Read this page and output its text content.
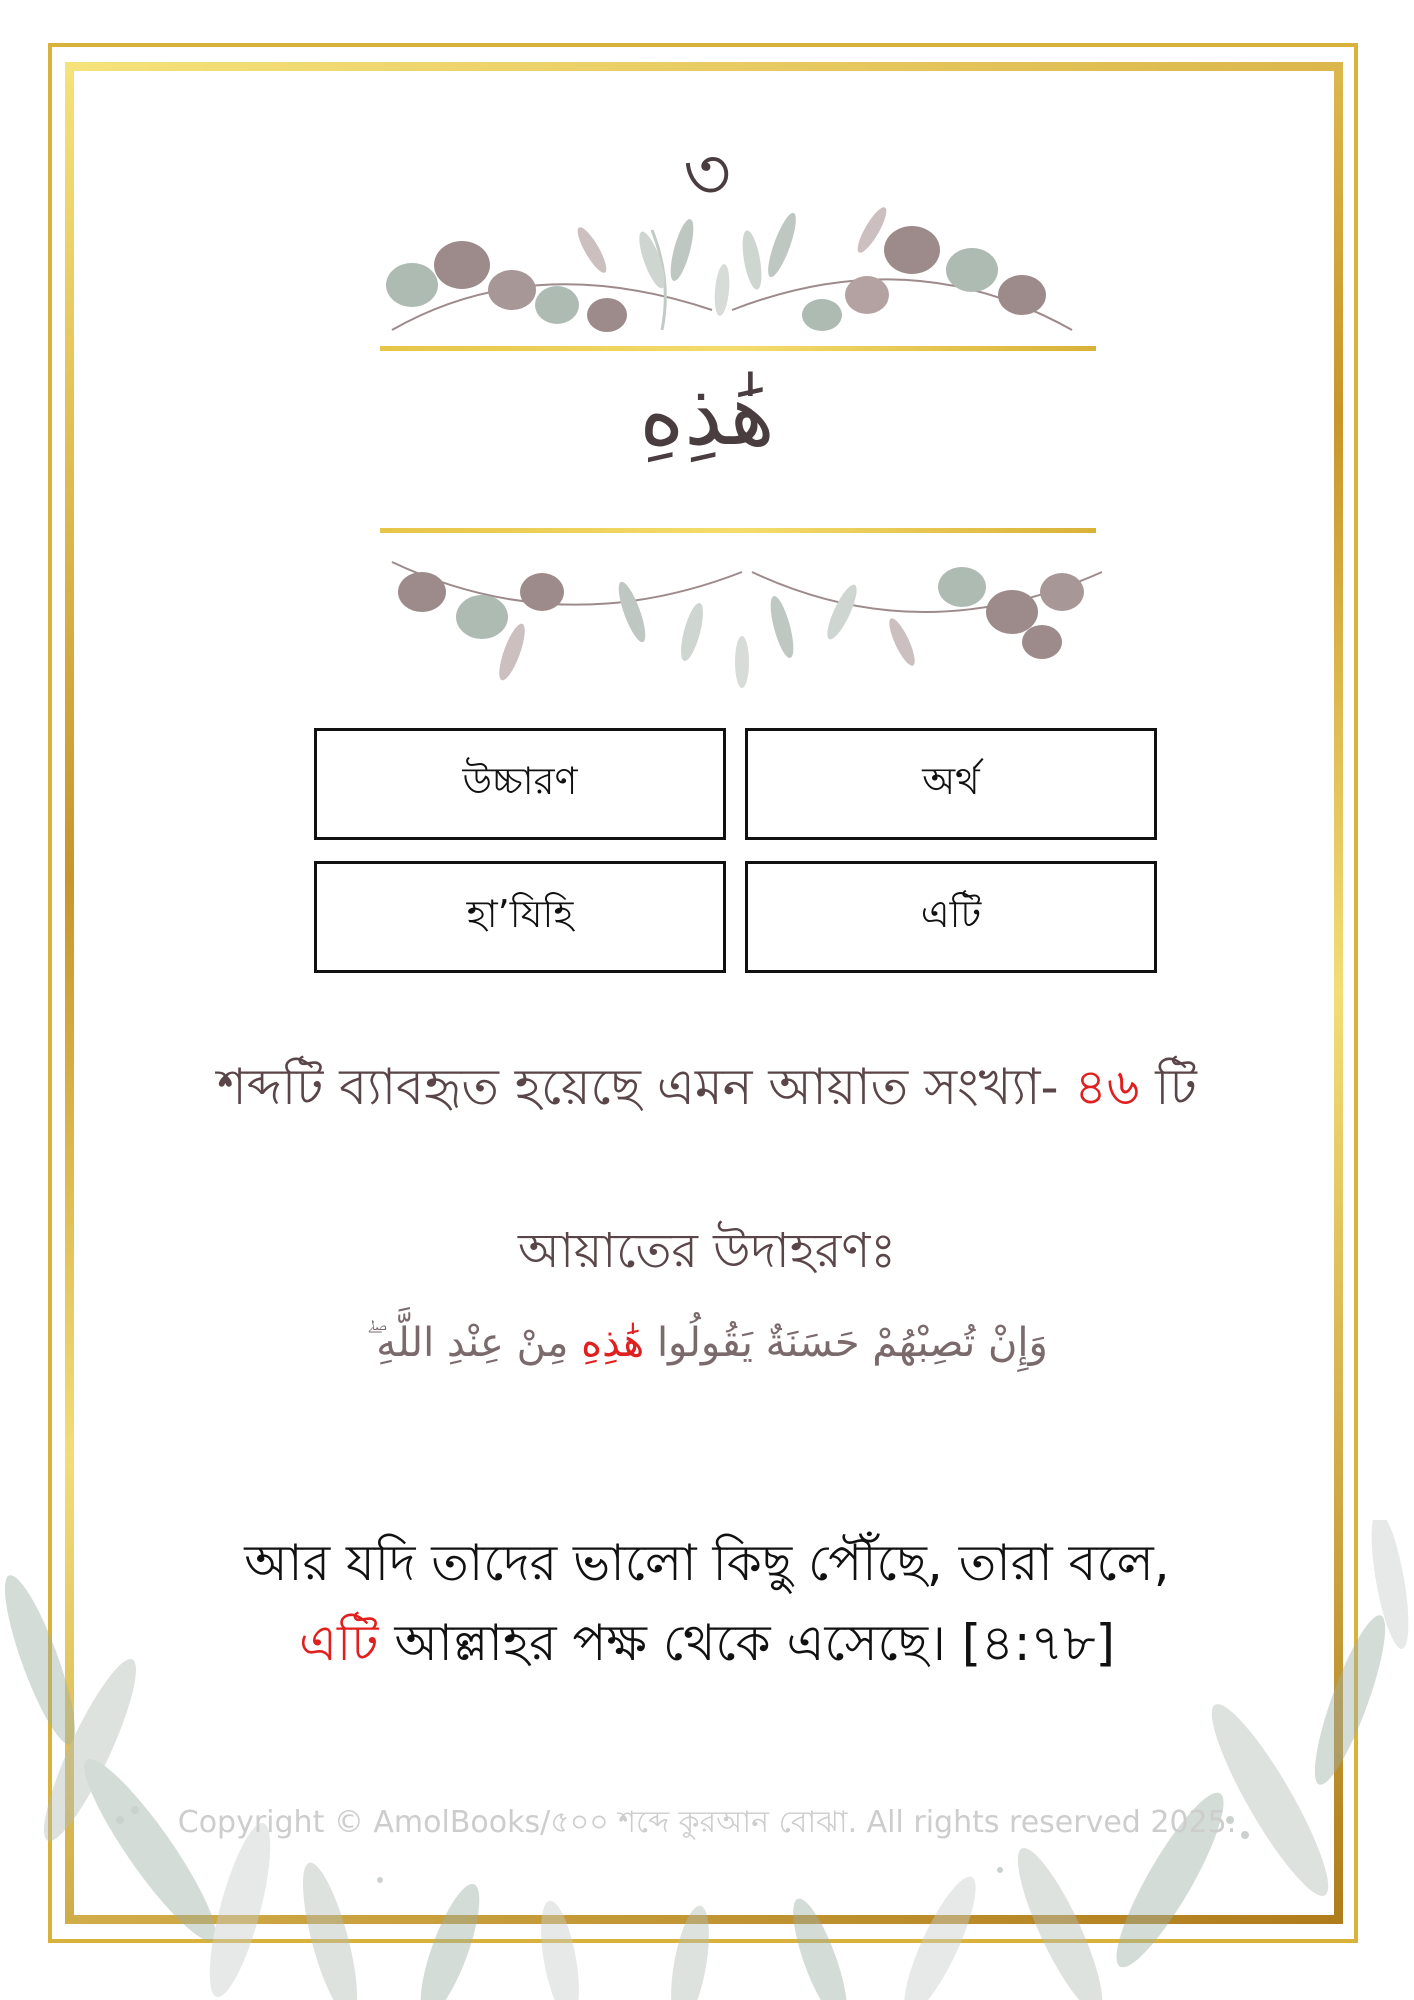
৩
هَٰذِهِ
উচ্চারণ	অর্থ
হা’যিহি	এটি
শব্দটি ব্যাবহৃত হয়েছে এমন আয়াত সংখ্যা- ৪৬ টি
আয়াতের উদাহরণঃ
وَإِنْ تُصِبْهُمْ حَسَنَةٌ يَقُولُوا هَٰذِهِ مِنْ عِنْدِ اللَّهِ ۖ
আর যদি তাদের ভালো কিছু পৌঁছে, তারা বলে,
এটি আল্লাহর পক্ষ থেকে এসেছে। [৪:৭৮]
Copyright © AmolBooks/৫০০ শব্দে কুরআন বোঝা. All rights reserved 2025.
